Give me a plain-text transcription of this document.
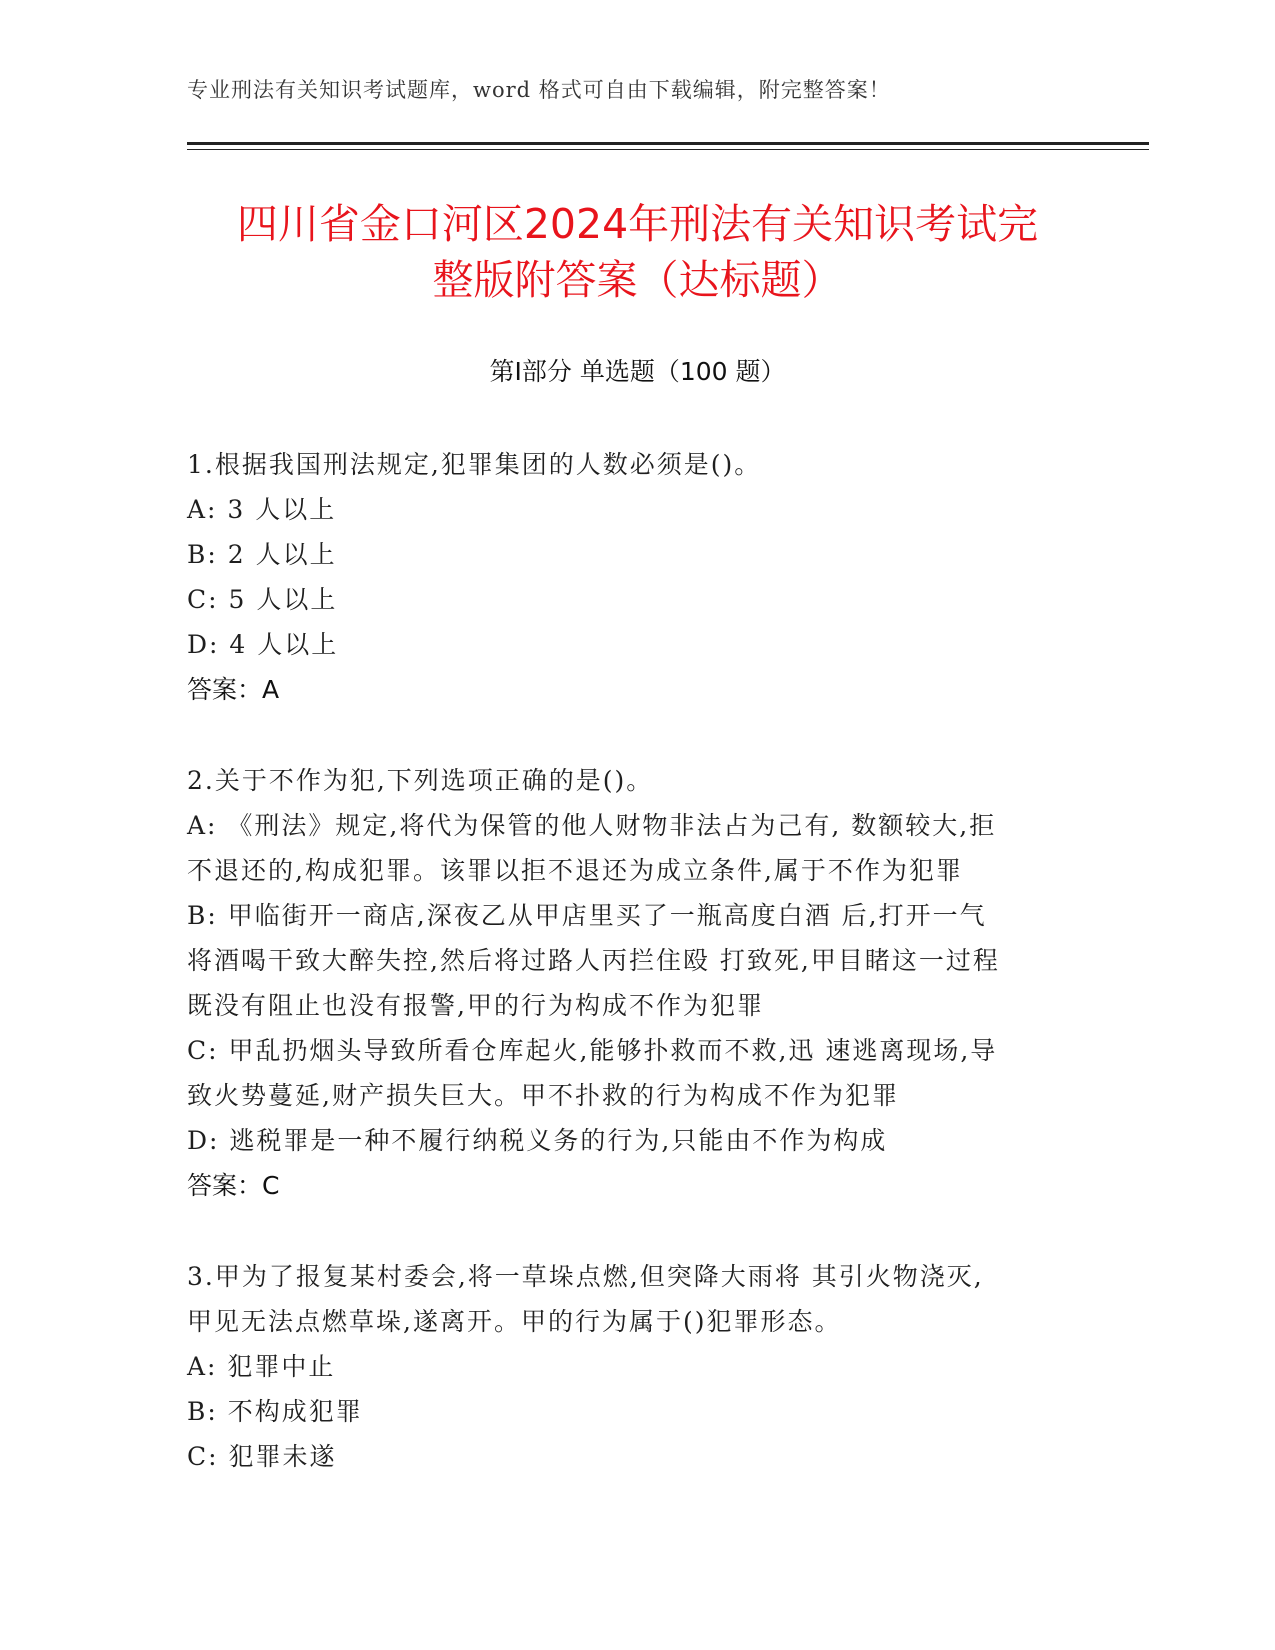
专业刑法有关知识考试题库，word 格式可自由下载编辑，附完整答案！
四川省金口河区2024年刑法有关知识考试完
整版附答案（达标题）
第Ⅰ部分 单选题（100 题）
1.根据我国刑法规定,犯罪集团的人数必须是()。
A: 3 人以上
B: 2 人以上
C: 5 人以上
D: 4 人以上
答案：A
2.关于不作为犯,下列选项正确的是()。
A: 《刑法》规定,将代为保管的他人财物非法占为己有, 数额较大,拒
不退还的,构成犯罪。该罪以拒不退还为成立条件,属于不作为犯罪
B: 甲临街开一商店,深夜乙从甲店里买了一瓶高度白酒 后,打开一气
将酒喝干致大醉失控,然后将过路人丙拦住殴 打致死,甲目睹这一过程
既没有阻止也没有报警,甲的行为构成不作为犯罪
C: 甲乱扔烟头导致所看仓库起火,能够扑救而不救,迅 速逃离现场,导
致火势蔓延,财产损失巨大。甲不扑救的行为构成不作为犯罪
D: 逃税罪是一种不履行纳税义务的行为,只能由不作为构成
答案：C
3.甲为了报复某村委会,将一草垛点燃,但突降大雨将 其引火物浇灭,
甲见无法点燃草垛,遂离开。甲的行为属于()犯罪形态。
A: 犯罪中止
B: 不构成犯罪
C: 犯罪未遂
